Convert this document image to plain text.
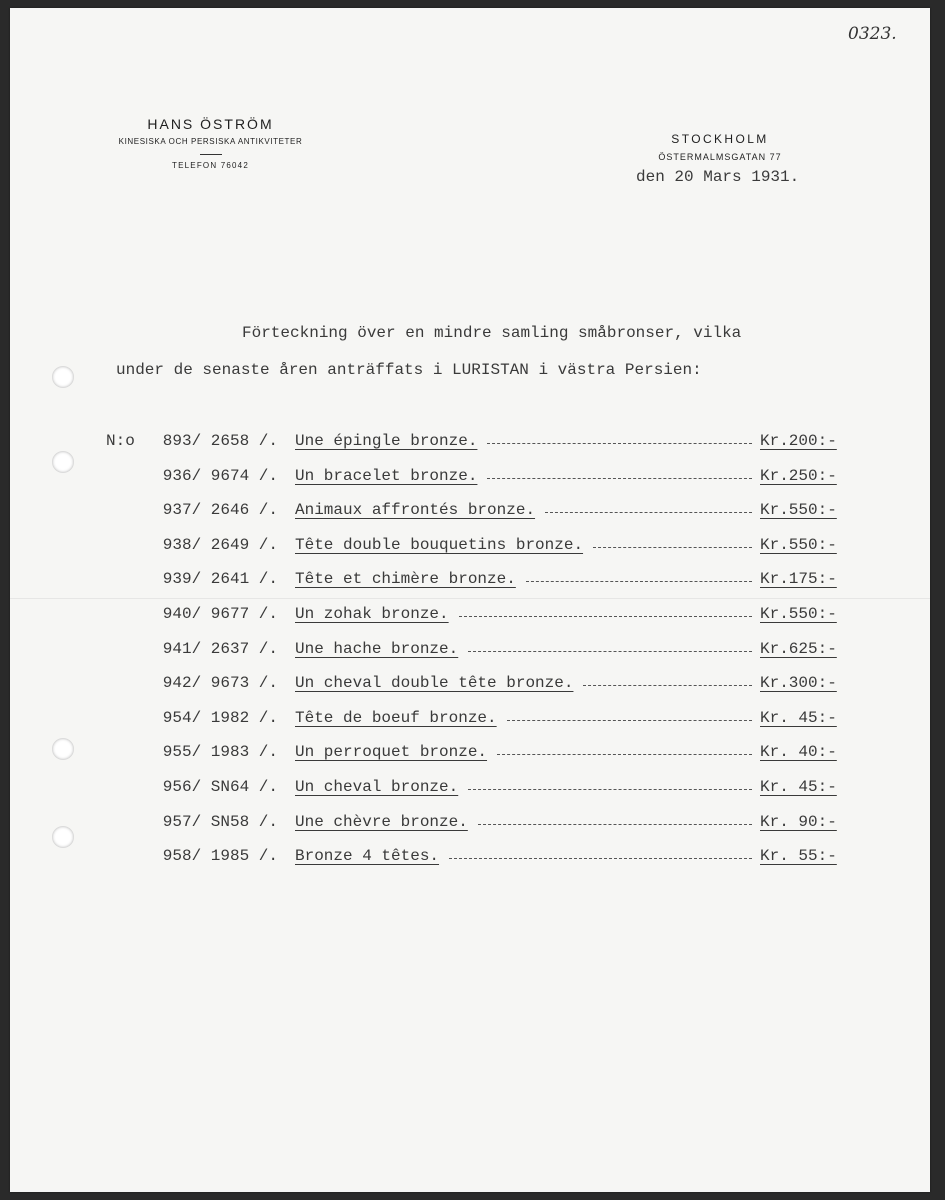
0323.
HANS ÖSTRÖM
KINESISKA OCH PERSISKA ANTIKVITETER
TELEFON 76042
STOCKHOLM
ÖSTERMALMSGATAN 77
den 20 Mars 1931.
Förteckning över en mindre samling småbronser, vilka
under de senaste åren anträffats i LURISTAN i västra Persien:
N:o 893/ 2658 /. Une épingle bronze.	Kr.200:-
936/ 9674 /. Un bracelet bronze.	Kr.250:-
937/ 2646 /. Animaux affrontés bronze.	Kr.550:-
938/ 2649 /. Tête double bouquetins bronze.	Kr.550:-
939/ 2641 /. Tête et chimère bronze.	Kr.175:-
940/ 9677 /. Un zohak bronze.	Kr.550:-
941/ 2637 /. Une hache bronze.	Kr.625:-
942/ 9673 /. Un cheval double tête bronze.	Kr.300:-
954/ 1982 /. Tête de boeuf bronze.	Kr. 45:-
955/ 1983 /. Un perroquet bronze.	Kr. 40:-
956/ SN64 /. Un cheval bronze.	Kr. 45:-
957/ SN58 /. Une chèvre bronze.	Kr. 90:-
958/ 1985 /. Bronze 4 têtes.	Kr. 55:-
